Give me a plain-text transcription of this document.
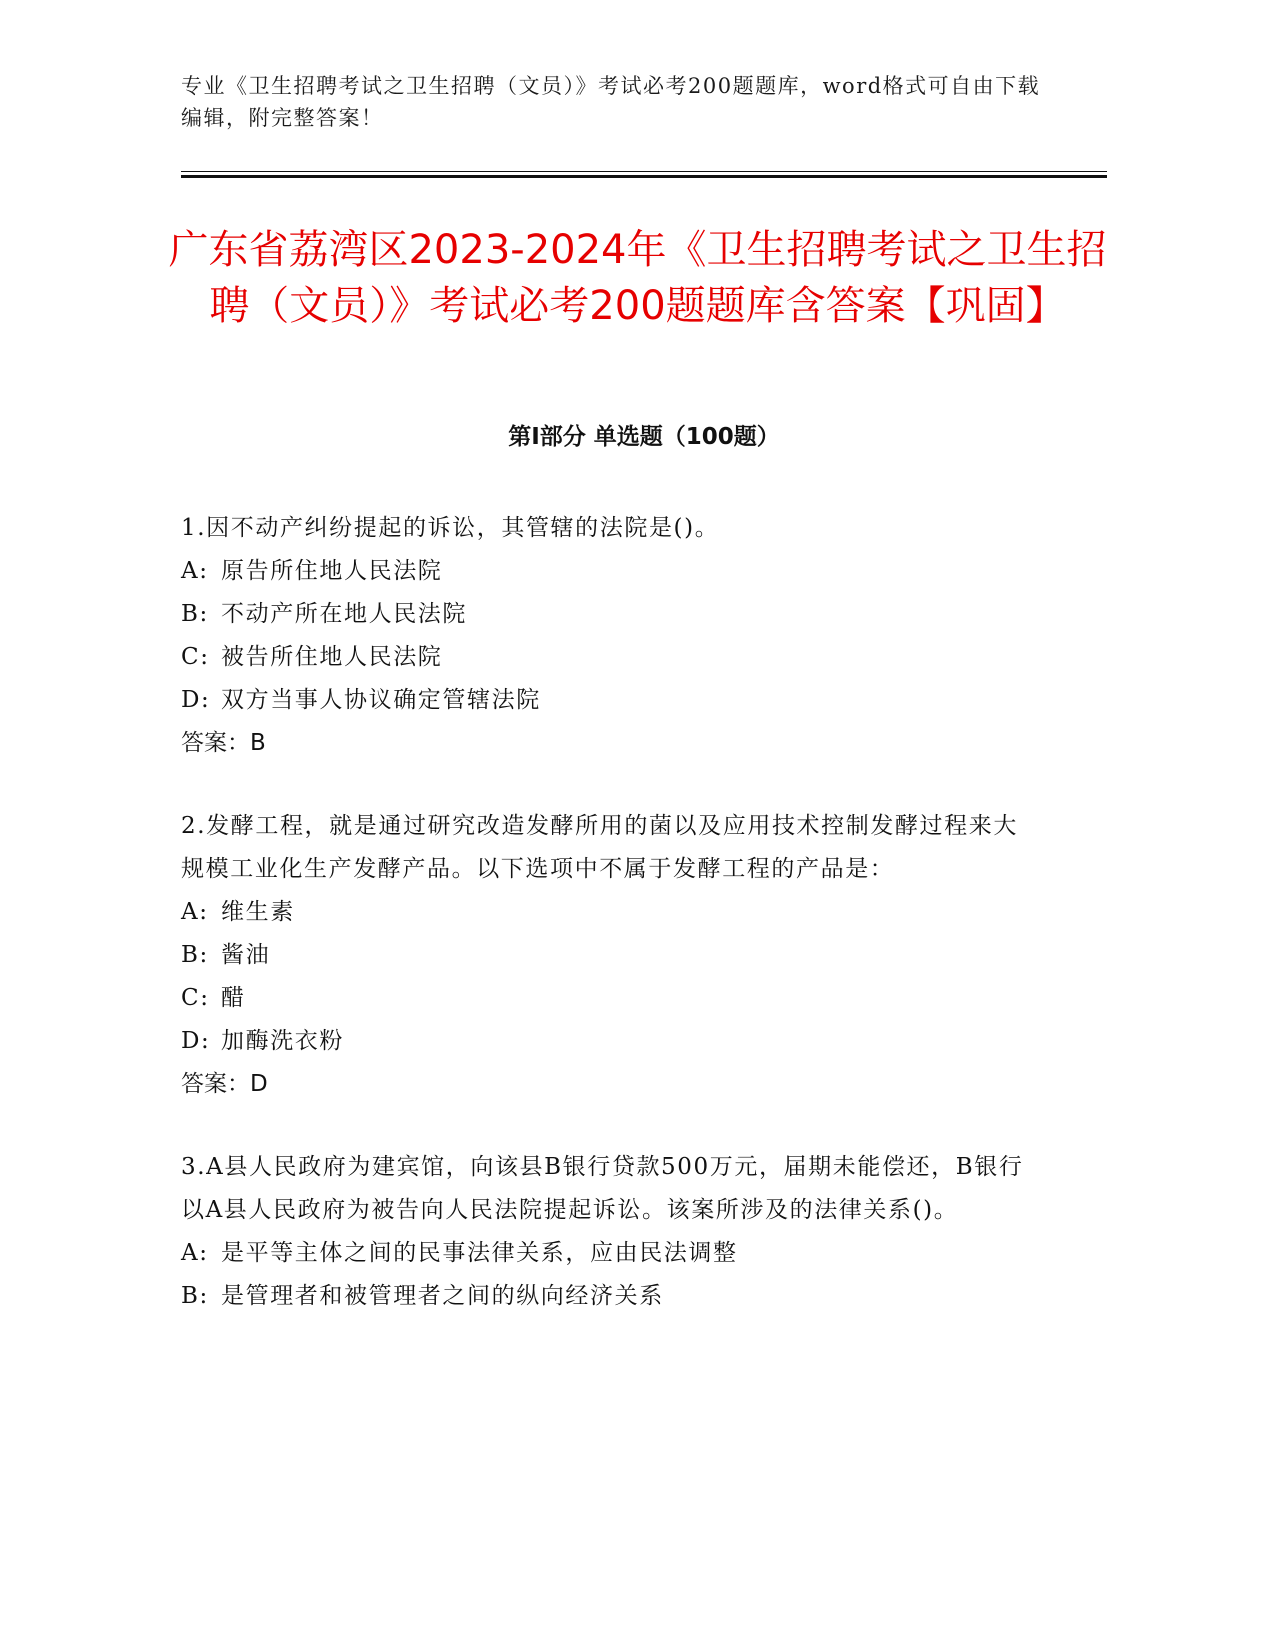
专业《卫生招聘考试之卫生招聘（文员）》考试必考200题题库，word格式可自由下载编辑，附完整答案！
广东省荔湾区2023-2024年《卫生招聘考试之卫生招聘（文员）》考试必考200题题库含答案【巩固】
第I部分 单选题（100题）

1.因不动产纠纷提起的诉讼，其管辖的法院是()。

A: 原告所住地人民法院
B: 不动产所在地人民法院
C: 被告所住地人民法院
D: 双方当事人协议确定管辖法院

答案：B

2.发酵工程，就是通过研究改造发酵所用的菌以及应用技术控制发酵过程来大规模工业化生产发酵产品。以下选项中不属于发酵工程的产品是：

A: 维生素
B: 酱油
C: 醋
D: 加酶洗衣粉

答案：D

3.A县人民政府为建宾馆，向该县B银行贷款500万元，届期未能偿还，B银行以A县人民政府为被告向人民法院提起诉讼。该案所涉及的法律关系()。

A: 是平等主体之间的民事法律关系，应由民法调整
B: 是管理者和被管理者之间的纵向经济关系
